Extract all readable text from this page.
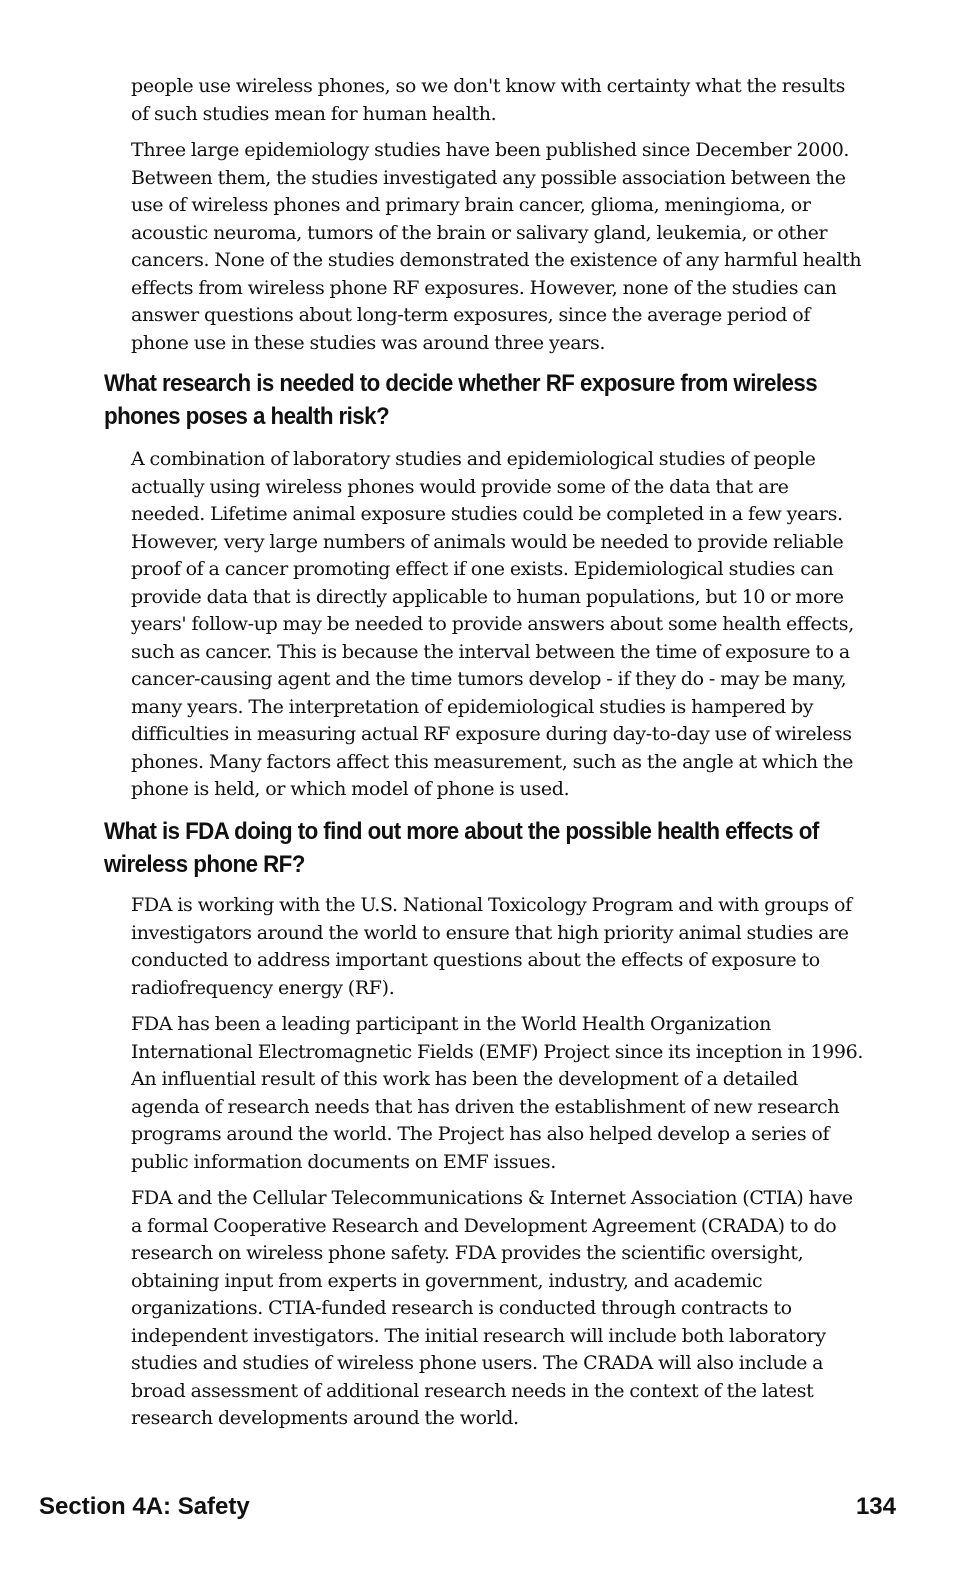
people use wireless phones, so we don't know with certainty what the results of such studies mean for human health.

Three large epidemiology studies have been published since December 2000. Between them, the studies investigated any possible association between the use of wireless phones and primary brain cancer, glioma, meningioma, or acoustic neuroma, tumors of the brain or salivary gland, leukemia, or other cancers. None of the studies demonstrated the existence of any harmful health effects from wireless phone RF exposures. However, none of the studies can answer questions about long-term exposures, since the average period of phone use in these studies was around three years.

What research is needed to decide whether RF exposure from wireless phones poses a health risk?

A combination of laboratory studies and epidemiological studies of people actually using wireless phones would provide some of the data that are needed. Lifetime animal exposure studies could be completed in a few years. However, very large numbers of animals would be needed to provide reliable proof of a cancer promoting effect if one exists. Epidemiological studies can provide data that is directly applicable to human populations, but 10 or more years' follow-up may be needed to provide answers about some health effects, such as cancer. This is because the interval between the time of exposure to a cancer-causing agent and the time tumors develop - if they do - may be many, many years. The interpretation of epidemiological studies is hampered by difficulties in measuring actual RF exposure during day-to-day use of wireless phones. Many factors affect this measurement, such as the angle at which the phone is held, or which model of phone is used.

What is FDA doing to find out more about the possible health effects of wireless phone RF?

FDA is working with the U.S. National Toxicology Program and with groups of investigators around the world to ensure that high priority animal studies are conducted to address important questions about the effects of exposure to radiofrequency energy (RF).

FDA has been a leading participant in the World Health Organization International Electromagnetic Fields (EMF) Project since its inception in 1996. An influential result of this work has been the development of a detailed agenda of research needs that has driven the establishment of new research programs around the world. The Project has also helped develop a series of public information documents on EMF issues.

FDA and the Cellular Telecommunications & Internet Association (CTIA) have a formal Cooperative Research and Development Agreement (CRADA) to do research on wireless phone safety. FDA provides the scientific oversight, obtaining input from experts in government, industry, and academic organizations. CTIA-funded research is conducted through contracts to independent investigators. The initial research will include both laboratory studies and studies of wireless phone users. The CRADA will also include a broad assessment of additional research needs in the context of the latest research developments around the world.

Section 4A: Safety	134
